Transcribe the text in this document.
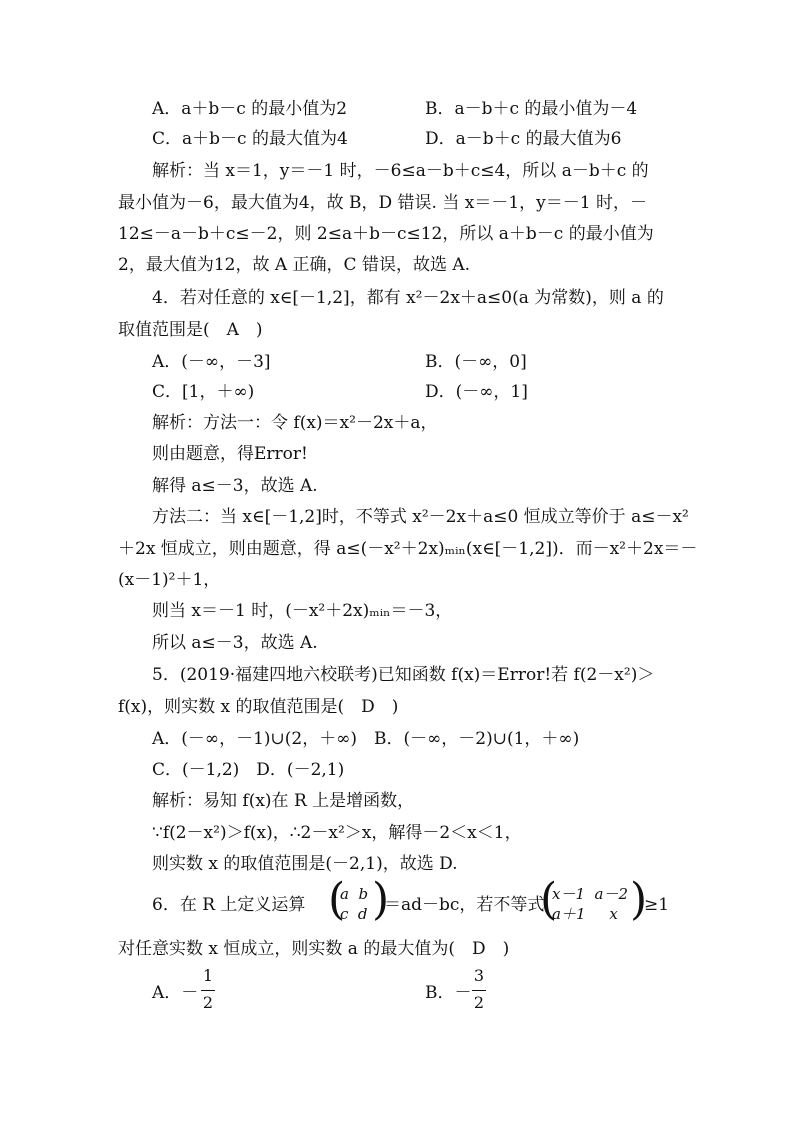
A．a＋b－c 的最小值为2	B．a－b＋c 的最小值为－4
C．a＋b－c 的最大值为4	D．a－b＋c 的最大值为6
解析：当 x＝1，y＝－1 时，－6≤a－b＋c≤4，所以 a－b＋c 的
最小值为－6，最大值为4，故 B，D 错误. 当 x＝－1，y＝－1 时，－
12≤－a－b＋c≤－2，则 2≤a＋b－c≤12，所以 a＋b－c 的最小值为
2，最大值为12，故 A 正确，C 错误，故选 A.
4．若对任意的 x∈[－1,2]，都有 x²－2x＋a≤0(a 为常数)，则 a 的
取值范围是(　A　)
A．(－∞，－3]	B．(－∞，0]
C．[1，＋∞)	D．(－∞，1]
解析：方法一：令 f(x)＝x²－2x＋a，
则由题意，得Error!
解得 a≤－3，故选 A.
方法二：当 x∈[－1,2]时，不等式 x²－2x＋a≤0 恒成立等价于 a≤－x²
＋2x 恒成立，则由题意，得 a≤(－x²＋2x)ₘᵢₙ(x∈[－1,2])．而－x²＋2x＝－
(x－1)²＋1，
则当 x＝－1 时，(－x²＋2x)ₘᵢₙ＝－3，
所以 a≤－3，故选 A.
5．(2019·福建四地六校联考)已知函数 f(x)＝Error!若 f(2－x²)＞
f(x)，则实数 x 的取值范围是(　D　)
A．(－∞，－1)∪(2，＋∞)　B．(－∞，－2)∪(1，＋∞)
C．(－1,2)　D．(－2,1)
解析：易知 f(x)在 R 上是增函数，
∵f(2－x²)＞f(x)，∴2－x²＞x，解得－2＜x＜1，
则实数 x 的取值范围是(－2,1)，故选 D.
6．在 R 上定义运算 (
a  b
c  d )
＝ad－bc，若不等式
(
x－1  a－2
a＋1     x )
≥1
对任意实数 x 恒成立，则实数 a 的最大值为(　D　)
A．－
1
2	B．－
3
2
